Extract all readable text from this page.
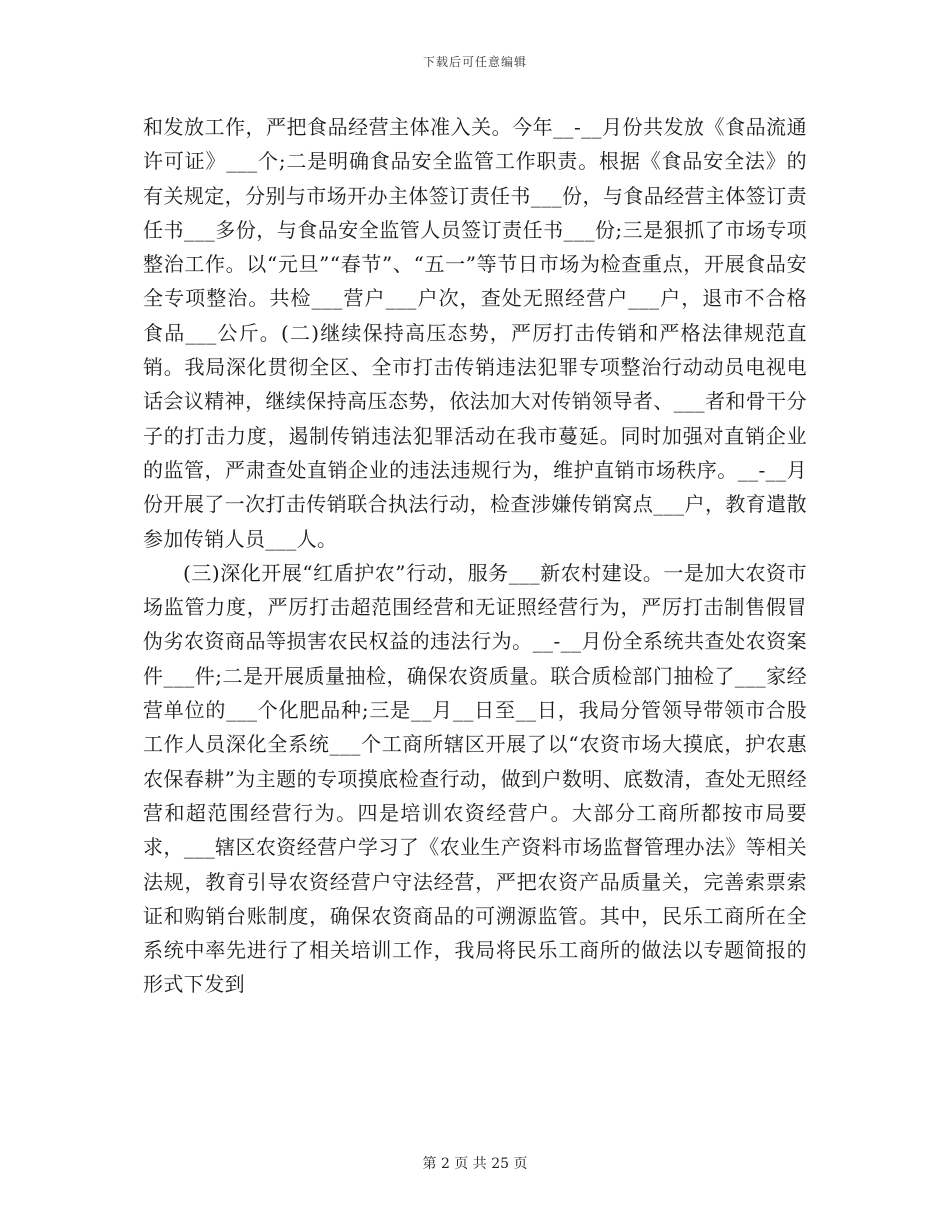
下载后可任意编辑

和发放工作，严把食品经营主体准入关。今年__-__月份共发放《食品流通许可证》___个;二是明确食品安全监管工作职责。根据《食品安全法》的有关规定，分别与市场开办主体签订责任书___份，与食品经营主体签订责任书___多份，与食品安全监管人员签订责任书___份;三是狠抓了市场专项整治工作。以“元旦”“春节”、“五一”等节日市场为检查重点，开展食品安全专项整治。共检___营户___户次，查处无照经营户___户，退市不合格食品___公斤。(二)继续保持高压态势，严厉打击传销和严格法律规范直销。我局深化贯彻全区、全市打击传销违法犯罪专项整治行动动员电视电话会议精神，继续保持高压态势，依法加大对传销领导者、___者和骨干分子的打击力度，遏制传销违法犯罪活动在我市蔓延。同时加强对直销企业的监管，严肃查处直销企业的违法违规行为，维护直销市场秩序。__-__月份开展了一次打击传销联合执法行动，检查涉嫌传销窝点___户，教育遣散参加传销人员___人。

(三)深化开展“红盾护农”行动，服务___新农村建设。一是加大农资市场监管力度，严厉打击超范围经营和无证照经营行为，严厉打击制售假冒伪劣农资商品等损害农民权益的违法行为。__-__月份全系统共查处农资案件___件;二是开展质量抽检，确保农资质量。联合质检部门抽检了___家经营单位的___个化肥品种;三是__月__日至__日，我局分管领导带领市合股工作人员深化全系统___个工商所辖区开展了以“农资市场大摸底，护农惠农保春耕”为主题的专项摸底检查行动，做到户数明、底数清，查处无照经营和超范围经营行为。四是培训农资经营户。大部分工商所都按市局要求，___辖区农资经营户学习了《农业生产资料市场监督管理办法》等相关法规，教育引导农资经营户守法经营，严把农资产品质量关，完善索票索证和购销台账制度，确保农资商品的可溯源监管。其中，民乐工商所在全系统中率先进行了相关培训工作，我局将民乐工商所的做法以专题简报的形式下发到

第 2 页 共 25 页
